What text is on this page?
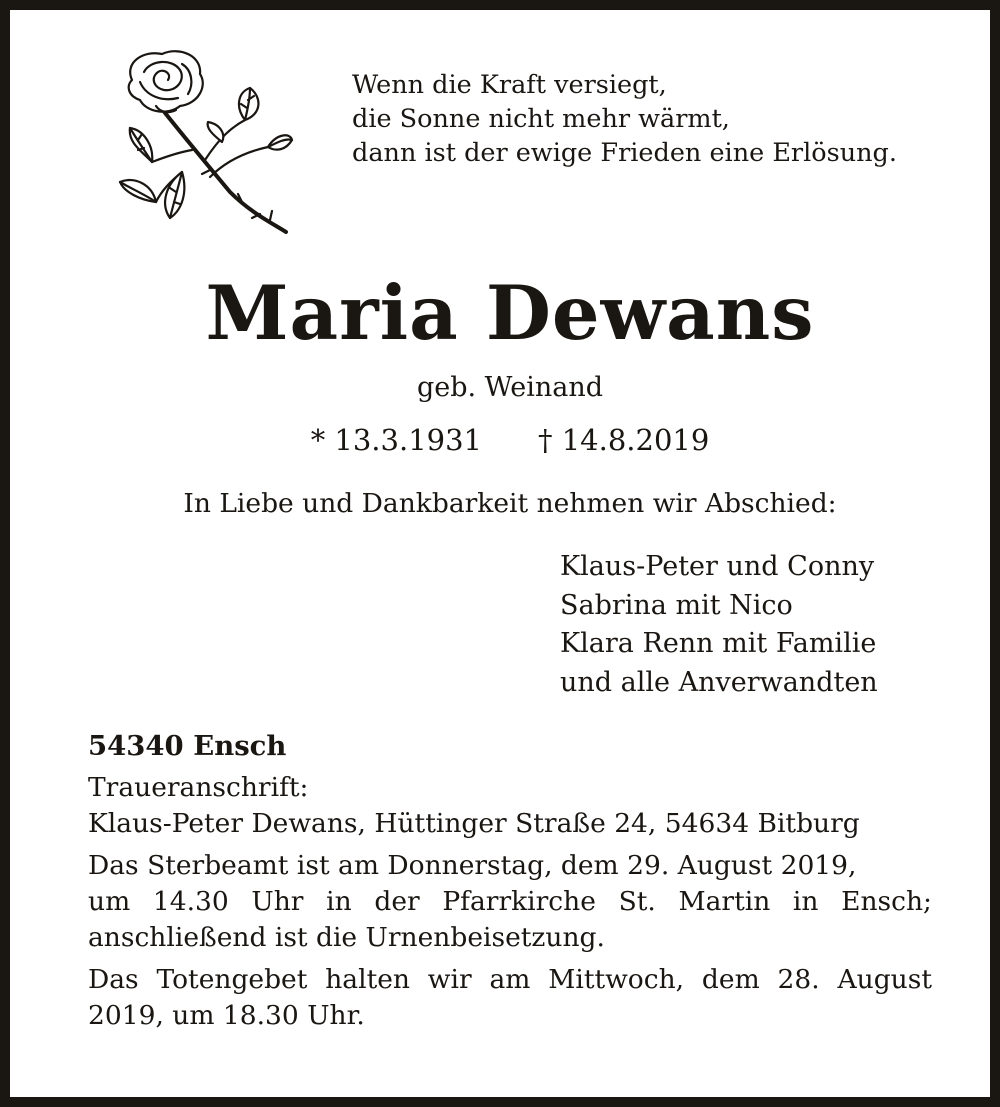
Wenn die Kraft versiegt,
die Sonne nicht mehr wärmt,
dann ist der ewige Frieden eine Erlösung.
Maria Dewans
geb. Weinand
* 13.3.1931 † 14.8.2019
In Liebe und Dankbarkeit nehmen wir Abschied:
Klaus-Peter und Conny
Sabrina mit Nico
Klara Renn mit Familie
und alle Anverwandten
54340 Ensch
Traueranschrift:
Klaus-Peter Dewans, Hüttinger Straße 24, 54634 Bitburg
Das Sterbeamt ist am Donnerstag, dem 29. August 2019,
um 14.30 Uhr in der Pfarrkirche St. Martin in Ensch;
anschließend ist die Urnenbeisetzung.
Das Totengebet halten wir am Mittwoch, dem 28. August
2019, um 18.30 Uhr.
